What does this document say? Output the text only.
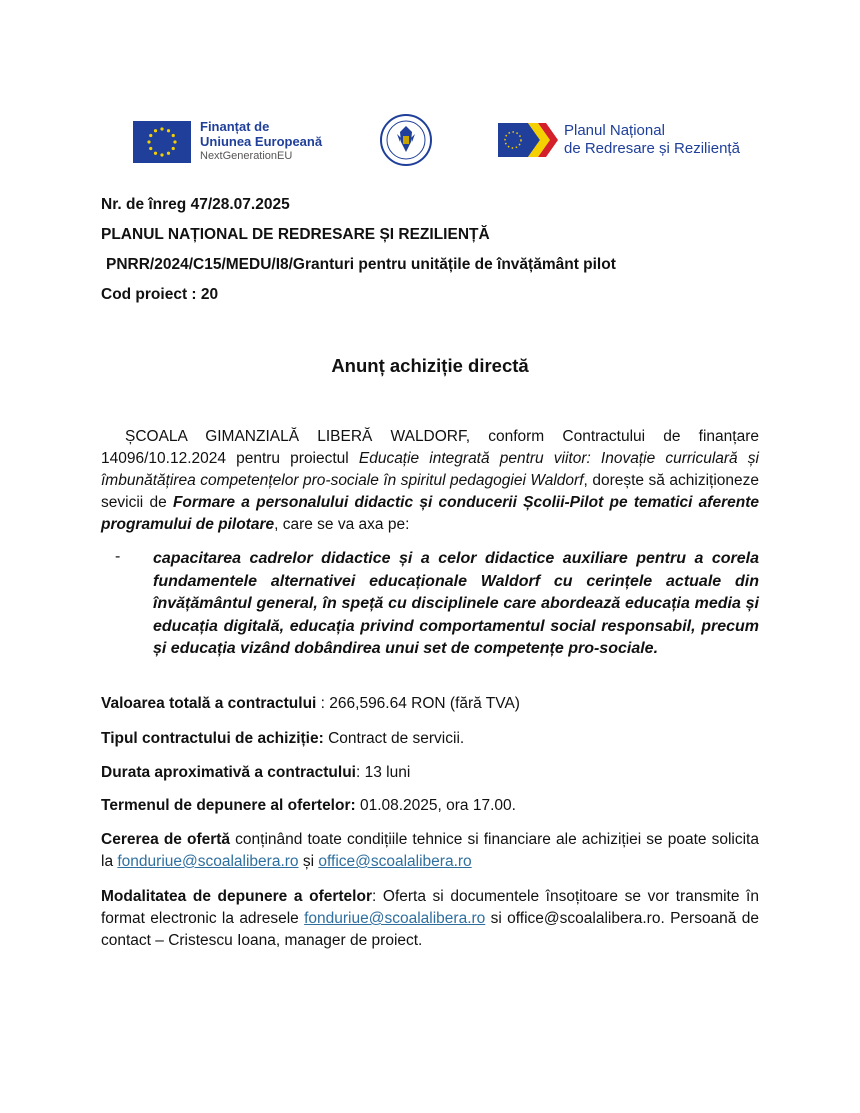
Finanțat de
Uniunea Europeană
NextGenerationEU
Planul Național
de Redresare și Reziliență
Nr. de înreg 47/28.07.2025
PLANUL NAȚIONAL DE REDRESARE ȘI REZILIENȚĂ
PNRR/2024/C15/MEDU/I8/Granturi pentru unitățile de învățământ pilot
Cod proiect : 20
Anunț achiziție directă
ȘCOALA GIMANZIALĂ LIBERĂ WALDORF, conform Contractului de finanțare 14096/10.12.2024 pentru proiectul Educație integrată pentru viitor: Inovație curriculară și îmbunătățirea competențelor pro-sociale în spiritul pedagogiei Waldorf, dorește să achiziționeze sevicii de Formare a personalului didactic și conducerii Școlii-Pilot pe tematici aferente programului de pilotare, care se va axa pe:
-	capacitarea cadrelor didactice și a celor didactice auxiliare pentru a corela fundamentele alternativei educaționale Waldorf cu cerințele actuale din învățământul general, în speță cu disciplinele care abordează educația media și educația digitală, educația privind comportamentul social responsabil, precum și educația vizând dobândirea unui set de competențe pro-sociale.
Valoarea totală a contractului : 266,596.64 RON (fără TVA)
Tipul contractului de achiziție: Contract de servicii.
Durata aproximativă a contractului: 13 luni
Termenul de depunere al ofertelor: 01.08.2025, ora 17.00.
Cererea de ofertă conținând toate condițiile tehnice si financiare ale achiziției se poate solicita la fonduriue@scoalalibera.ro și office@scoalalibera.ro
Modalitatea de depunere a ofertelor: Oferta si documentele însoțitoare se vor transmite în format electronic la adresele fonduriue@scoalalibera.ro si office@scoalalibera.ro. Persoană de contact – Cristescu Ioana, manager de proiect.
